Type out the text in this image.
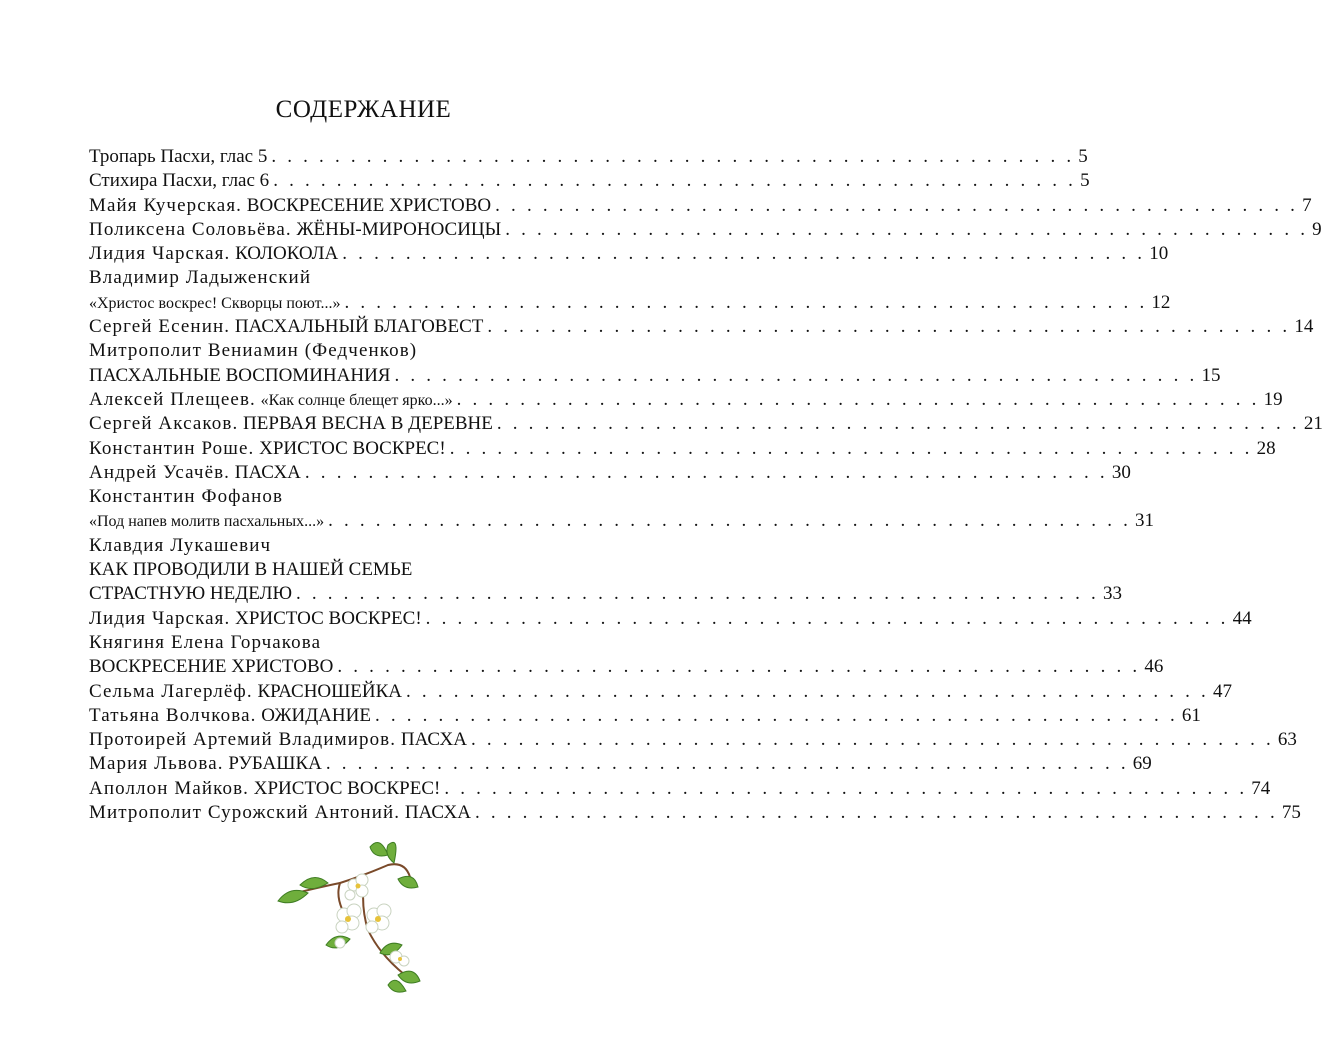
СОДЕРЖАНИЕ
Тропарь Пасхи, глас 5 . . . . . . . . . . . . . . . . . . . . . . . . . . . . . . . . . . . . . . . . . . . . . . . . . . . 5
Стихира Пасхи, глас 6 . . . . . . . . . . . . . . . . . . . . . . . . . . . . . . . . . . . . . . . . . . . . . . . . . . . 5
Майя Кучерская. ВОСКРЕСЕНИЕ ХРИСТОВО . . . . . . . . . . . . . . . . . . . . . . . . . . . . . . . . . . . . . . . . . . . . . . . . . . . 7
Поликсена Соловьёва. ЖЁНЫ-МИРОНОСИЦЫ . . . . . . . . . . . . . . . . . . . . . . . . . . . . . . . . . . . . . . . . . . . . . . . . . . . 9
Лидия Чарская. КОЛОКОЛА . . . . . . . . . . . . . . . . . . . . . . . . . . . . . . . . . . . . . . . . . . . . . . . . . . . 10
Владимир Ладыженский
«Христос воскрес! Скворцы поют...» . . . . . . . . . . . . . . . . . . . . . . . . . . . . . . . . . . . . . . . . . . . . . . . . . . . 12
Сергей Есенин. ПАСХАЛЬНЫЙ БЛАГОВЕСТ . . . . . . . . . . . . . . . . . . . . . . . . . . . . . . . . . . . . . . . . . . . . . . . . . . . 14
Митрополит Вениамин (Федченков)
ПАСХАЛЬНЫЕ ВОСПОМИНАНИЯ . . . . . . . . . . . . . . . . . . . . . . . . . . . . . . . . . . . . . . . . . . . . . . . . . . . 15
Алексей Плещеев. «Как солнце блещет ярко...» . . . . . . . . . . . . . . . . . . . . . . . . . . . . . . . . . . . . . . . . . . . . . . . . . . . 19
Сергей Аксаков. ПЕРВАЯ ВЕСНА В ДЕРЕВНЕ . . . . . . . . . . . . . . . . . . . . . . . . . . . . . . . . . . . . . . . . . . . . . . . . . . . 21
Константин Роше. ХРИСТОС ВОСКРЕС! . . . . . . . . . . . . . . . . . . . . . . . . . . . . . . . . . . . . . . . . . . . . . . . . . . . 28
Андрей Усачёв. ПАСХА . . . . . . . . . . . . . . . . . . . . . . . . . . . . . . . . . . . . . . . . . . . . . . . . . . . 30
Константин Фофанов
«Под напев молитв пасхальных...» . . . . . . . . . . . . . . . . . . . . . . . . . . . . . . . . . . . . . . . . . . . . . . . . . . . 31
Клавдия Лукашевич
КАК ПРОВОДИЛИ В НАШЕЙ СЕМЬЕ
СТРАСТНУЮ НЕДЕЛЮ . . . . . . . . . . . . . . . . . . . . . . . . . . . . . . . . . . . . . . . . . . . . . . . . . . . 33
Лидия Чарская. ХРИСТОС ВОСКРЕС! . . . . . . . . . . . . . . . . . . . . . . . . . . . . . . . . . . . . . . . . . . . . . . . . . . . 44
Княгиня Елена Горчакова
ВОСКРЕСЕНИЕ ХРИСТОВО . . . . . . . . . . . . . . . . . . . . . . . . . . . . . . . . . . . . . . . . . . . . . . . . . . . 46
Сельма Лагерлёф. КРАСНОШЕЙКА . . . . . . . . . . . . . . . . . . . . . . . . . . . . . . . . . . . . . . . . . . . . . . . . . . . 47
Татьяна Волчкова. ОЖИДАНИЕ . . . . . . . . . . . . . . . . . . . . . . . . . . . . . . . . . . . . . . . . . . . . . . . . . . . 61
Протоирей Артемий Владимиров. ПАСХА . . . . . . . . . . . . . . . . . . . . . . . . . . . . . . . . . . . . . . . . . . . . . . . . . . . 63
Мария Львова. РУБАШКА . . . . . . . . . . . . . . . . . . . . . . . . . . . . . . . . . . . . . . . . . . . . . . . . . . . 69
Аполлон Майков. ХРИСТОС ВОСКРЕС! . . . . . . . . . . . . . . . . . . . . . . . . . . . . . . . . . . . . . . . . . . . . . . . . . . . 74
Митрополит Сурожский Антоний. ПАСХА . . . . . . . . . . . . . . . . . . . . . . . . . . . . . . . . . . . . . . . . . . . . . . . . . . . 75
